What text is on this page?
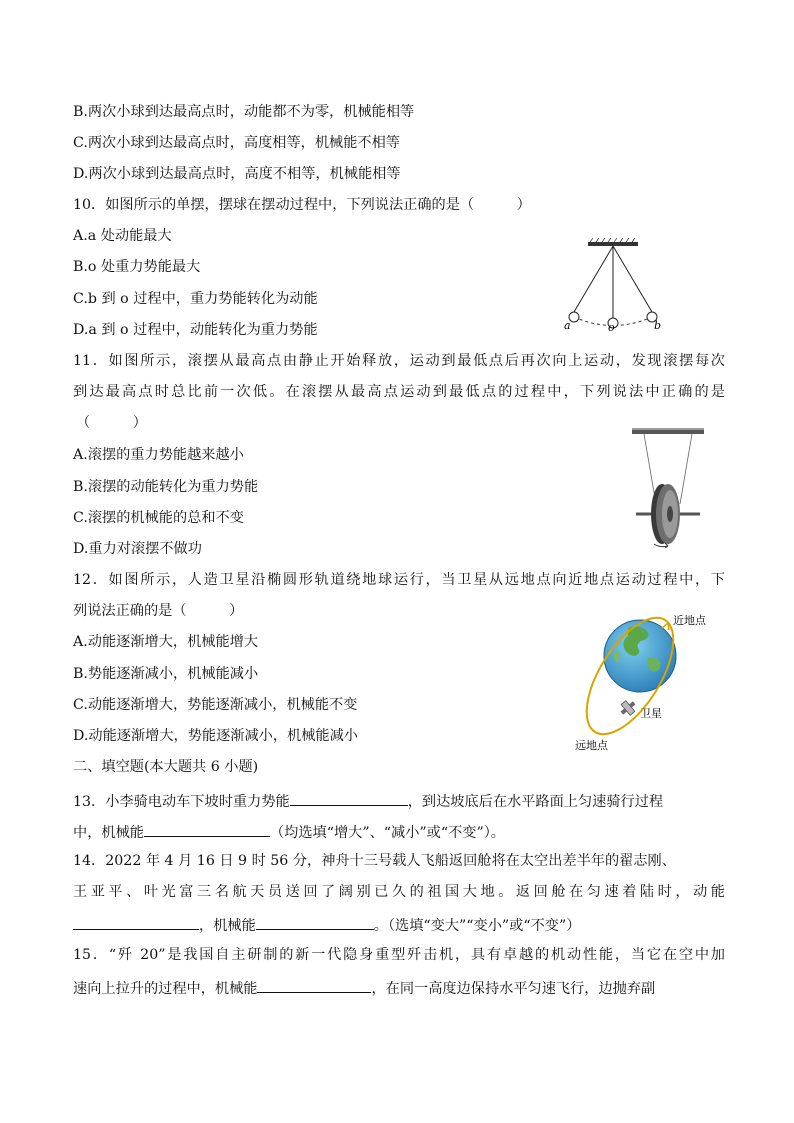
B.两次小球到达最高点时，动能都不为零，机械能相等
C.两次小球到达最高点时，高度相等，机械能不相等
D.两次小球到达最高点时，高度不相等，机械能相等
10．如图所示的单摆，摆球在摆动过程中，下列说法正确的是（　　　）
A.a 处动能最大
B.o 处重力势能最大
C.b 到 o 过程中，重力势能转化为动能
D.a 到 o 过程中，动能转化为重力势能	a	o	b
11．如图所示，滚摆从最高点由静止开始释放，运动到最低点后再次向上运动，发现滚摆每次
到达最高点时总比前一次低。在滚摆从最高点运动到最低点的过程中，下列说法中正确的是
（　　　）
A.滚摆的重力势能越来越小
B.滚摆的动能转化为重力势能
C.滚摆的机械能的总和不变
D.重力对滚摆不做功
12．如图所示，人造卫星沿椭圆形轨道绕地球运行，当卫星从远地点向近地点运动过程中，下
列说法正确的是（　　　）
A.动能逐渐增大，机械能增大
B.势能逐渐减小，机械能减小
C.动能逐渐增大，势能逐渐减小，机械能不变
D.动能逐渐增大，势能逐渐减小，机械能减小
近地点
卫星
远地点
二、填空题(本大题共 6 小题)
13．小李骑电动车下坡时重力势能	，到达坡底后在水平路面上匀速骑行过程
中，机械能	（均选填“增大”、“减小”或“不变”）。
14．2022 年 4 月 16 日 9 时 56 分，神舟十三号载人飞船返回舱将在太空出差半年的翟志刚、
王亚平、叶光富三名航天员送回了阔别已久的祖国大地。返回舱在匀速着陆时，动能
，机械能	。（选填“变大”“变小”或“不变”）
15．“歼 20”是我国自主研制的新一代隐身重型歼击机，具有卓越的机动性能，当它在空中加
速向上拉升的过程中，机械能	，在同一高度边保持水平匀速飞行，边抛弃副
